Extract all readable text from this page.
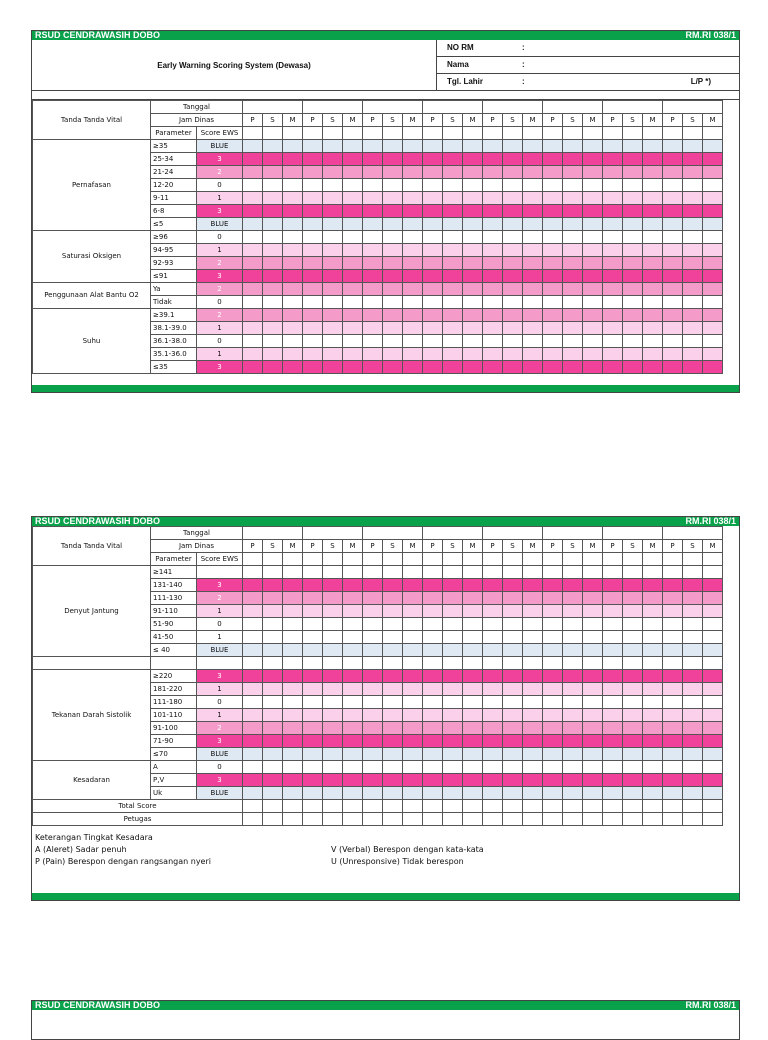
RSUD CENDRAWASIH DOBO	RM.RI 038/1
Early Warning Scoring System (Dewasa)
NO RM	:
Nama	:
Tgl. Lahir	:	L/P *)
Tanda Tanda Vital	Tanggal																									
	Jam Dinas		P	S	M	P	S	M	P	S	M	P	S	M	P	S	M	P	S	M	P	S	M	P	S	M
	Parameter	Score EWS																								
Pernafasan	≥35	BLUE																								
	25-34	3																								
	21-24	2																								
	12-20	0																								
	9-11	1																								
	6-8	3																								
	≤5	BLUE																								
Saturasi Oksigen	≥96	0																								
	94-95	1																								
	92-93	2																								
	≤91	3																								
Penggunaan Alat Bantu O2	Ya	2																								
	Tidak	0																								
Suhu	≥39.1	2																								
	38.1-39.0	1																								
	36.1-38.0	0																								
	35.1-36.0	1																								
	≤35	3																								
RSUD CENDRAWASIH DOBO	RM.RI 038/1
Tanda Tanda Vital	Tanggal																									
	Jam Dinas		P	S	M	P	S	M	P	S	M	P	S	M	P	S	M	P	S	M	P	S	M	P	S	M
	Parameter	Score EWS																								
Denyut Jantung	≥141																									
	131-140	3																								
	111-130	2																								
	91-110	1																								
	51-90	0																								
	41-50	1																								
	≤ 40	BLUE																								

Tekanan Darah Sistolik	≥220	3																								
	181-220	1																								
	111-180	0																								
	101-110	1																								
	91-100	2																								
	71-90	3																								
	≤70	BLUE																								
Kesadaran	A	0																								
	P,V	3																								
	Uk	BLUE																								
Total Score																										
Petugas																										
Keterangan Tingkat Kesadara
A (Aleret) Sadar penuh	V (Verbal) Berespon dengan kata-kata
P (Pain) Berespon dengan rangsangan nyeri	U (Unresponsive) Tidak berespon
RSUD CENDRAWASIH DOBO	RM.RI 038/1
